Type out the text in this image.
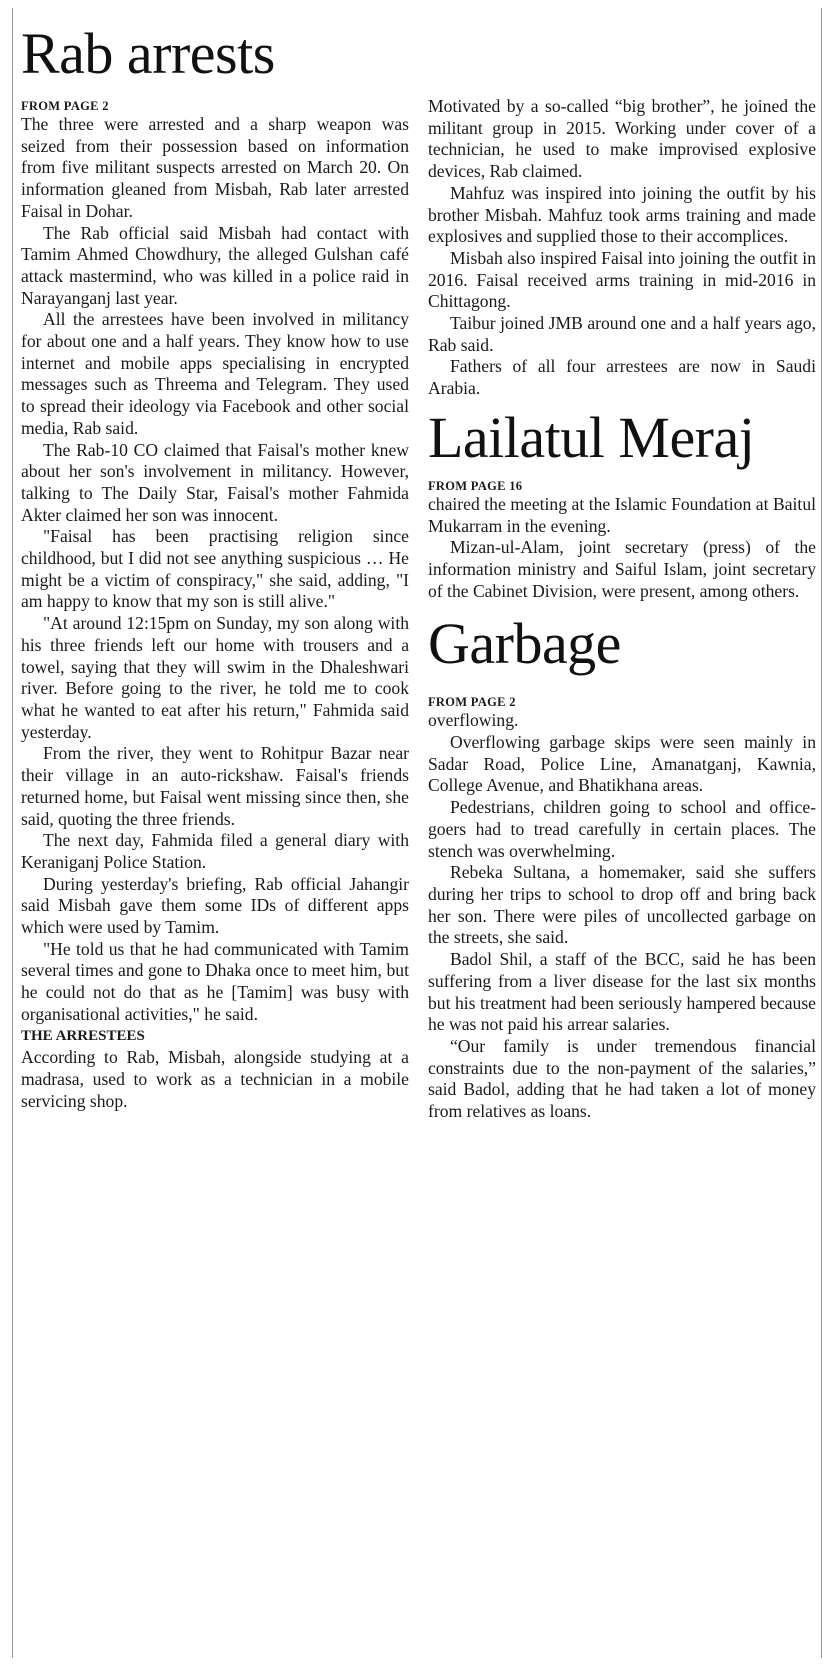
Rab arrests

FROM PAGE 2

The three were arrested and a sharp weapon was seized from their possession based on information from five militant suspects arrested on March 20. On information gleaned from Misbah, Rab later arrested Faisal in Dohar.

The Rab official said Misbah had contact with Tamim Ahmed Chowdhury, the alleged Gulshan café attack mastermind, who was killed in a police raid in Narayanganj last year.

All the arrestees have been involved in militancy for about one and a half years. They know how to use internet and mobile apps specialising in encrypted messages such as Threema and Telegram. They used to spread their ideology via Facebook and other social media, Rab said.

The Rab-10 CO claimed that Faisal's mother knew about her son's involvement in militancy. However, talking to The Daily Star, Faisal's mother Fahmida Akter claimed her son was innocent.

"Faisal has been practising religion since childhood, but I did not see anything suspicious … He might be a victim of conspiracy," she said, adding, "I am happy to know that my son is still alive."

"At around 12:15pm on Sunday, my son along with his three friends left our home with trousers and a towel, saying that they will swim in the Dhaleshwari river. Before going to the river, he told me to cook what he wanted to eat after his return," Fahmida said yesterday.

From the river, they went to Rohitpur Bazar near their village in an auto-rickshaw. Faisal's friends returned home, but Faisal went missing since then, she said, quoting the three friends.

The next day, Fahmida filed a general diary with Keraniganj Police Station.

During yesterday's briefing, Rab official Jahangir said Misbah gave them some IDs of different apps which were used by Tamim.

"He told us that he had communicated with Tamim several times and gone to Dhaka once to meet him, but he could not do that as he [Tamim] was busy with organisational activities," he said.

THE ARRESTEES

According to Rab, Misbah, alongside studying at a madrasa, used to work as a technician in a mobile servicing shop.

Motivated by a so-called “big brother”, he joined the militant group in 2015. Working under cover of a technician, he used to make improvised explosive devices, Rab claimed.

Mahfuz was inspired into joining the outfit by his brother Misbah. Mahfuz took arms training and made explosives and supplied those to their accomplices.

Misbah also inspired Faisal into joining the outfit in 2016. Faisal received arms training in mid-2016 in Chittagong.

Taibur joined JMB around one and a half years ago, Rab said.

Fathers of all four arrestees are now in Saudi Arabia.

Lailatul Meraj

FROM PAGE 16

chaired the meeting at the Islamic Foundation at Baitul Mukarram in the evening.

Mizan-ul-Alam, joint secretary (press) of the information ministry and Saiful Islam, joint secretary of the Cabinet Division, were present, among others.

Garbage

FROM PAGE 2

overflowing.

Overflowing garbage skips were seen mainly in Sadar Road, Police Line, Amanatganj, Kawnia, College Avenue, and Bhatikhana areas.

Pedestrians, children going to school and office-goers had to tread carefully in certain places. The stench was overwhelming.

Rebeka Sultana, a homemaker, said she suffers during her trips to school to drop off and bring back her son. There were piles of uncollected garbage on the streets, she said.

Badol Shil, a staff of the BCC, said he has been suffering from a liver disease for the last six months but his treatment had been seriously hampered because he was not paid his arrear salaries.

“Our family is under tremendous financial constraints due to the non-payment of the salaries,” said Badol, adding that he had taken a lot of money from relatives as loans.
